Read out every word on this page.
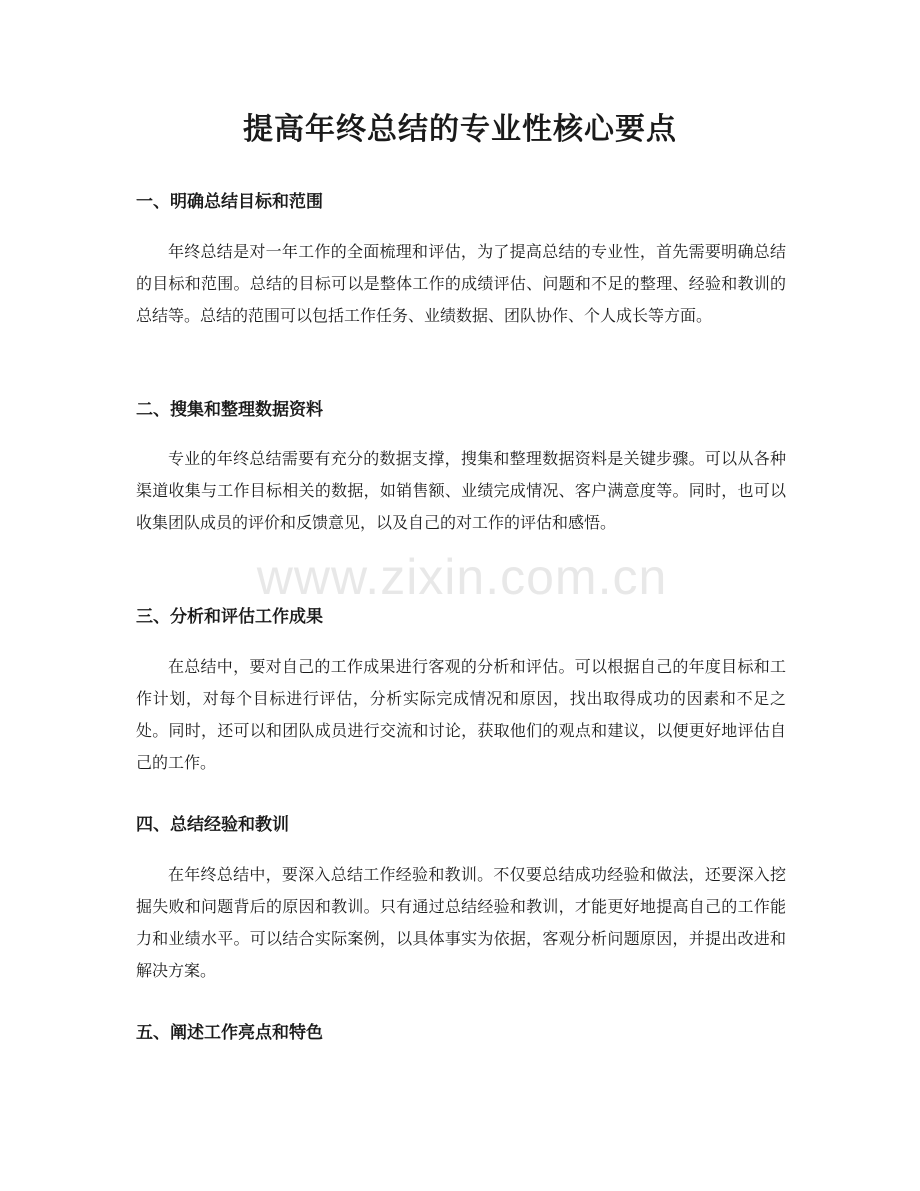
提高年终总结的专业性核心要点
一、明确总结目标和范围

年终总结是对一年工作的全面梳理和评估，为了提高总结的专业性，首先需要明确总结的目标和范围。总结的目标可以是整体工作的成绩评估、问题和不足的整理、经验和教训的总结等。总结的范围可以包括工作任务、业绩数据、团队协作、个人成长等方面。

二、搜集和整理数据资料

专业的年终总结需要有充分的数据支撑，搜集和整理数据资料是关键步骤。可以从各种渠道收集与工作目标相关的数据，如销售额、业绩完成情况、客户满意度等。同时，也可以收集团队成员的评价和反馈意见，以及自己的对工作的评估和感悟。

三、分析和评估工作成果

在总结中，要对自己的工作成果进行客观的分析和评估。可以根据自己的年度目标和工作计划，对每个目标进行评估，分析实际完成情况和原因，找出取得成功的因素和不足之处。同时，还可以和团队成员进行交流和讨论，获取他们的观点和建议，以便更好地评估自己的工作。

四、总结经验和教训

在年终总结中，要深入总结工作经验和教训。不仅要总结成功经验和做法，还要深入挖掘失败和问题背后的原因和教训。只有通过总结经验和教训，才能更好地提高自己的工作能力和业绩水平。可以结合实际案例，以具体事实为依据，客观分析问题原因，并提出改进和解决方案。

五、阐述工作亮点和特色
www.zixin.com.cn
